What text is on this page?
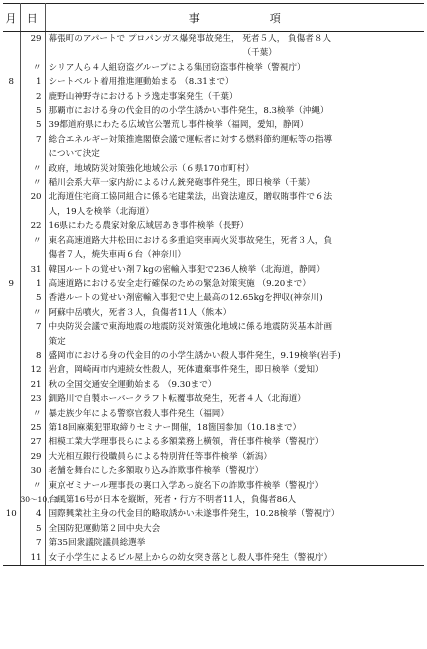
月	日	事項
	29	幕張町のアパートで プロパンガス爆発事故発生， 死者５人， 負傷者８人
		（千葉）
	〃	シリア人ら４人組窃盗グループによる集団窃盗事件検挙（警視庁）
8	1	シートベルト着用推進運動始まる （8.31まで）
	2	鹿野山神野寺におけるトラ逸走事案発生（千葉）
	5	那覇市における身の代金目的の小学生誘かい事件発生，8.3検挙（沖縄）
	5	39都道府県にわたる広域官公署荒し事件検挙（福岡，愛知，静岡）
	7	総合エネルギー対策推進閣僚会議で運転者に対する燃料節約運転等の指導
		について決定
	〃	政府，地域防災対策強化地域公示（６県170市町村）
	〃	稲川会系大草一家内紛によるけん銃発砲事件発生，即日検挙（千葉）
	20	北海道住宅商工協同組合に係る宅建業法，出資法違反，贈収賄事件で６法
		人，19人を検挙（北海道）
	22	16県にわたる農家対象広域居あき事件検挙（長野）
	〃	東名高速道路大井松田における多重追突車両火災事故発生，死者３人，負
		傷者７人，焼失車両６台（神奈川）
	31	韓国ルートの覚せい剤７kgの密輸入事犯で236人検挙（北海道，静岡）
9	1	高速道路における安全走行確保のための緊急対策実施 （9.20まで）
	5	香港ルートの覚せい剤密輸入事犯で史上最高の12.65kgを押収(神奈川)
	〃	阿蘇中岳噴火，死者３人，負傷者11人（熊本）
	7	中央防災会議で東海地震の地震防災対策強化地域に係る地震防災基本計画
		策定
	8	盛岡市における身の代金目的の小学生誘かい殺人事件発生，9.19検挙(岩手)
	12	岩倉，岡崎両市内連続女性殺人，死体遺棄事件発生，即日検挙（愛知）
	21	秋の全国交通安全運動始まる （9.30まで）
	23	釧路川で自製ホーバークラフト転覆事故発生，死者４人（北海道）
	〃	暴走族少年による警察官殺人事件発生（福岡）
	25	第18回麻薬犯罪取締りセミナー開催，18箇国参加（10.18まで）
	27	相模工業大学理事長らによる多額業務上横領，背任事件検挙（警視庁）
	29	大光相互銀行役職員らによる特別背任等事件検挙（新潟）
	30	老舗を舞台にした多額取り込み詐欺事件検挙（警視庁）
	〃	東京ゼミナール理事長の裏口入学あっ旋名下の詐欺事件検挙（警視庁）
	30～10．1	台風第16号が日本を縦断，死者・行方不明者11人，負傷者86人
10	4	国際興業社主身の代金目的略取誘かい未遂事件発生，10.28検挙（警視庁）
	5	全国防犯運動第２回中央大会
	7	第35回衆議院議員総選挙
	11	女子小学生によるビル屋上からの幼女突き落とし殺人事件発生（警視庁）
